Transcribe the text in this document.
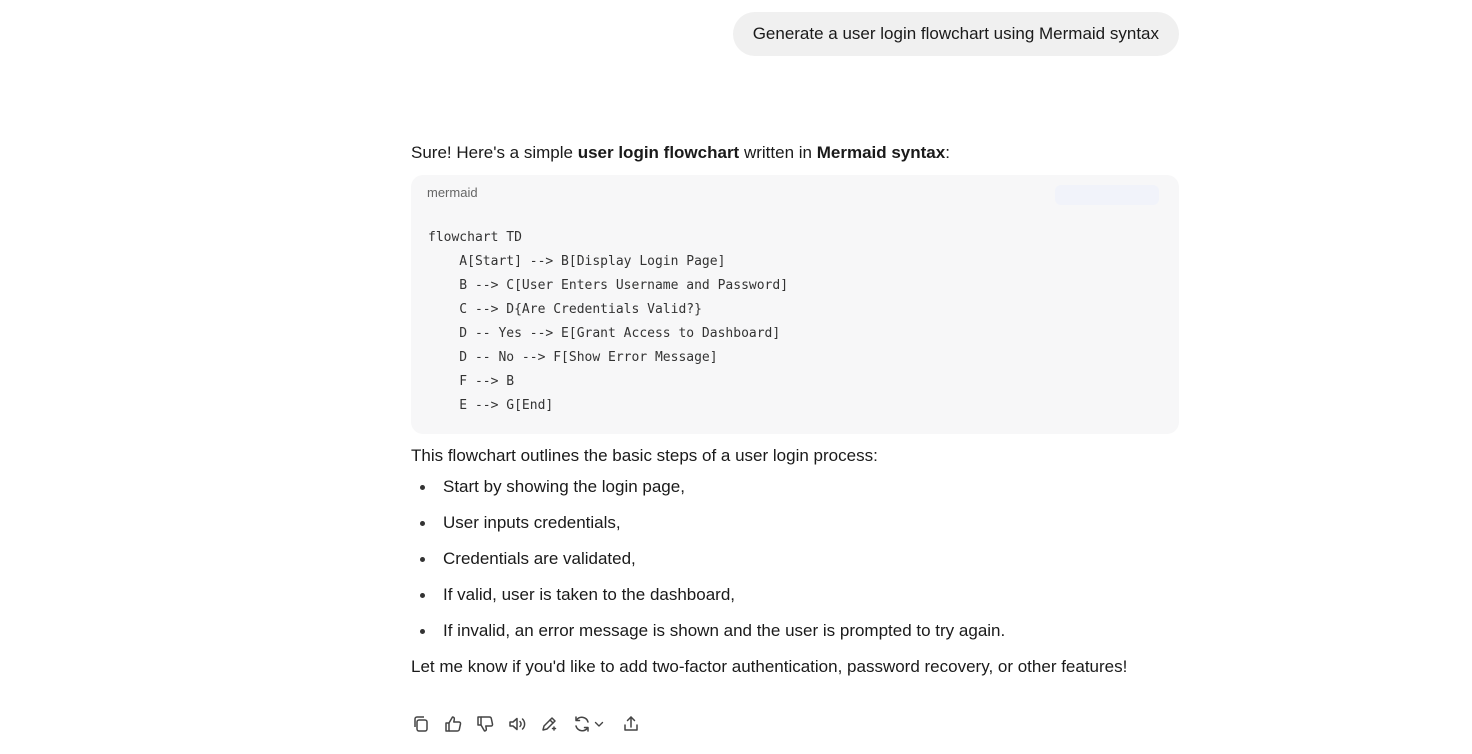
Generate a user login flowchart using Mermaid syntax

Sure! Here's a simple user login flowchart written in Mermaid syntax:

mermaid
flowchart TD
A[Start] --> B[Display Login Page]
B --> C[User Enters Username and Password]
C --> D{Are Credentials Valid?}
D -- Yes --> E[Grant Access to Dashboard]
D -- No --> F[Show Error Message]
F --> B
E --> G[End]

This flowchart outlines the basic steps of a user login process:

Start by showing the login page,
User inputs credentials,
Credentials are validated,
If valid, user is taken to the dashboard,
If invalid, an error message is shown and the user is prompted to try again.

Let me know if you'd like to add two-factor authentication, password recovery, or other features!
